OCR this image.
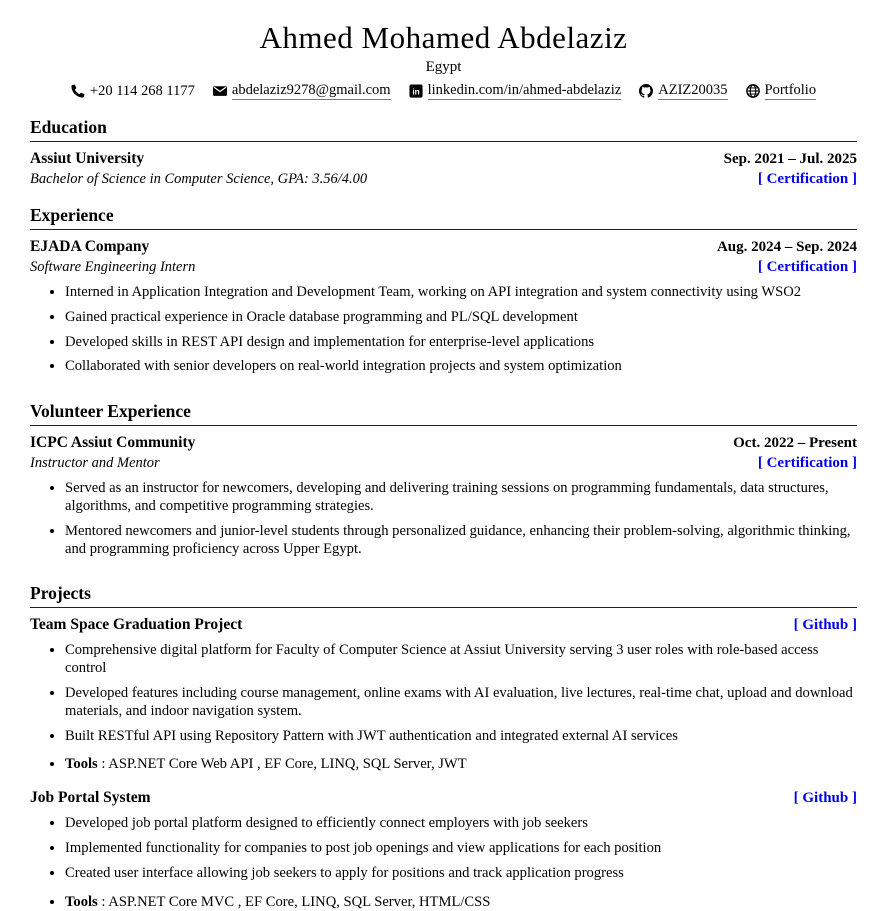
Ahmed Mohamed Abdelaziz
Egypt
+20 114 268 1177	abdelaziz9278@gmail.com in linkedin.com/in/ahmed-abdelaziz	AZIZ20035	Portfolio
Education
Assiut University	Sep. 2021 – Jul. 2025
Bachelor of Science in Computer Science, GPA: 3.56/4.00	[ Certification ]
Experience
EJADA Company	Aug. 2024 – Sep. 2024
Software Engineering Intern	[ Certification ]
• Interned in Application Integration and Development Team, working on API integration and system connectivity using WSO2
• Gained practical experience in Oracle database programming and PL/SQL development
• Developed skills in REST API design and implementation for enterprise-level applications
• Collaborated with senior developers on real-world integration projects and system optimization
Volunteer Experience
ICPC Assiut Community	Oct. 2022 – Present
Instructor and Mentor	[ Certification ]
• Served as an instructor for newcomers, developing and delivering training sessions on programming fundamentals, data structures, algorithms, and competitive programming strategies.
• Mentored newcomers and junior-level students through personalized guidance, enhancing their problem-solving, algorithmic thinking, and programming proficiency across Upper Egypt.
Projects
Team Space Graduation Project	[ Github ]
• Comprehensive digital platform for Faculty of Computer Science at Assiut University serving 3 user roles with role-based access control
• Developed features including course management, online exams with AI evaluation, live lectures, real-time chat, upload and download materials, and indoor navigation system.
• Built RESTful API using Repository Pattern with JWT authentication and integrated external AI services
• Tools : ASP.NET Core Web API , EF Core, LINQ, SQL Server, JWT
Job Portal System	[ Github ]
• Developed job portal platform designed to efficiently connect employers with job seekers
• Implemented functionality for companies to post job openings and view applications for each position
• Created user interface allowing job seekers to apply for positions and track application progress
• Tools : ASP.NET Core MVC , EF Core, LINQ, SQL Server, HTML/CSS
